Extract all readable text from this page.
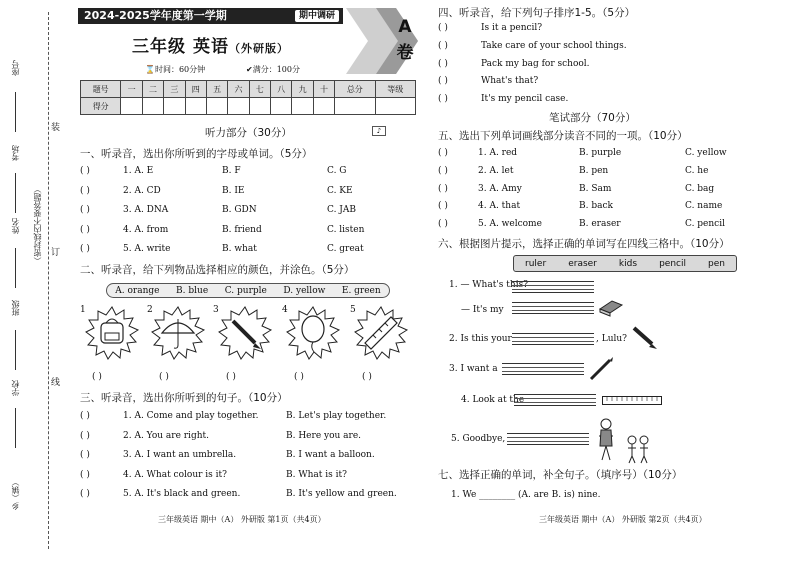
座号
考场
姓名 （密封线内不要答题）
班级
学校
乡（镇）
装
订
线
2024-2025学年度第一学期	期中调研
A卷
三年级 英语（外研版）
⌛时间：60分钟	✔满分：100分
题号	一	二	三	四	五	六	七	八	九	十	总分	等级
得分												
听力部分（30分）	♪
一、听录音，选出你所听到的字母或单词。（5分）
( )	1. A. E	B. F	C. G
( )	2. A. CD	B. IE	C. KE
( )	3. A. DNA	B. GDN	C. JAB
( )	4. A. from	B. friend	C. listen
( )	5. A. write	B. what	C. great
二、听录音，给下列物品选择相应的颜色，并涂色。（5分）
A. orange B. blue C. purple D. yellow E. green
1	2	3	4	5
( )	( )	( )	( )	( )
三、听录音，选出你所听到的句子。（10分）
( )	1. A. Come and play together.	B. Let's play together.
( )	2. A. You are right.	B. Here you are.
( )	3. A. I want an umbrella.	B. I want a balloon.
( )	4. A. What colour is it?	B. What is it?
( )	5. A. It's black and green.	B. It's yellow and green.
三年级英语 期中（A） 外研版 第1页（共4页）
四、听录音，给下列句子排序1-5。（5分）
( )	Is it a pencil?
( )	Take care of your school things.
( )	Pack my bag for school.
( )	What's that?
( )	It's my pencil case.
笔试部分（70分）
五、选出下列单词画线部分读音不同的一项。（10分）
( )	1. A. red	B. purple	C. yellow
( )	2. A. let	B. pen	C. he
( )	3. A. Amy	B. Sam	C. bag
( )	4. A. that	B. back	C. name
( )	5. A. welcome	B. eraser	C. pencil
六、根据图片提示，选择正确的单词写在四线三格中。（10分）
ruler eraser kids pencil pen
1. — What's this?
— It's my
2. Is this your	, Lulu?
3. I want a
4. Look at the
5. Goodbye,
七、选择正确的单词，补全句子。（填序号）（10分）
1. We ________ (A. are B. is) nine.
三年级英语 期中（A） 外研版 第2页（共4页）
